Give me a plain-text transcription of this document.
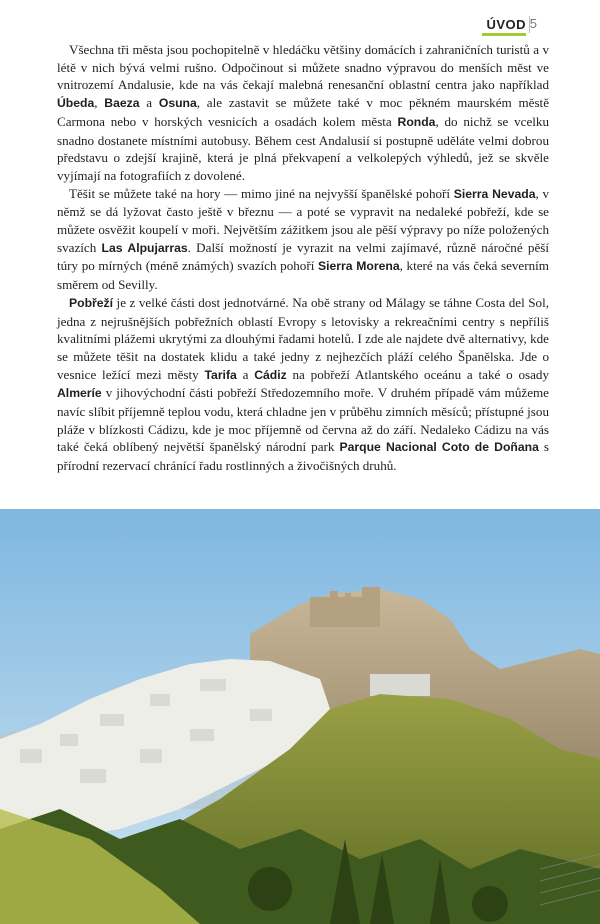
ÚVOD 5

Všechna tři města jsou pochopitelně v hledáčku většiny domácích i zahraničních turistů a v létě v nich bývá velmi rušno. Odpočinout si můžete snadno výpravou do menších měst ve vnitrozemí Andalusie, kde na vás čekají malebná renesanční oblastní centra jako například Úbeda, Baeza a Osuna, ale zastavit se můžete také v moc pěkném maurském městě Carmona nebo v horských vesnicích a osadách kolem města Ronda, do nichž se vcelku snadno dostanete místními autobusy. Během cest Andalusií si postupně uděláte velmi dobrou představu o zdejší krajině, která je plná překvapení a velkolepých výhledů, jež se skvěle vyjímají na fotografiích z dovolené.

Těšit se můžete také na hory — mimo jiné na nejvyšší španělské pohoří Sierra Nevada, v němž se dá lyžovat často ještě v březnu — a poté se vypravit na nedaleké pobřeží, kde se můžete osvěžit koupelí v moři. Největším zážitkem jsou ale pěší výpravy po níže položených svazích Las Alpujarras. Další možností je vyrazit na velmi zajímavé, různě náročné pěší túry po mírných (méně známých) svazích pohoří Sierra Morena, které na vás čeká severním směrem od Sevilly.

Pobřeží je z velké části dost jednotvárné. Na obě strany od Málagy se táhne Costa del Sol, jedna z nejrušnějších pobřežních oblastí Evropy s letovisky a rekreačními centry s nepříliš kvalitními plážemi ukrytými za dlouhými řadami hotelů. I zde ale najdete dvě alternativy, kde se můžete těšit na dostatek klidu a také jedny z nejhezčích pláží celého Španělska. Jde o vesnice ležící mezi městy Tarifa a Cádiz na pobřeží Atlantského oceánu a také o osady Almeríe v jihovýchodní části pobřeží Středozemního moře. V druhém případě vám můžeme navíc slíbit příjemně teplou vodu, která chladne jen v průběhu zimních měsíců; přístupné jsou pláže v blízkosti Cádizu, kde je moc příjemně od června až do září. Nedaleko Cádizu na vás také čeká oblíbený největší španělský národní park Parque Nacional Coto de Doñana s přírodní rezervací chránící řadu rostlinných a živočišných druhů.
